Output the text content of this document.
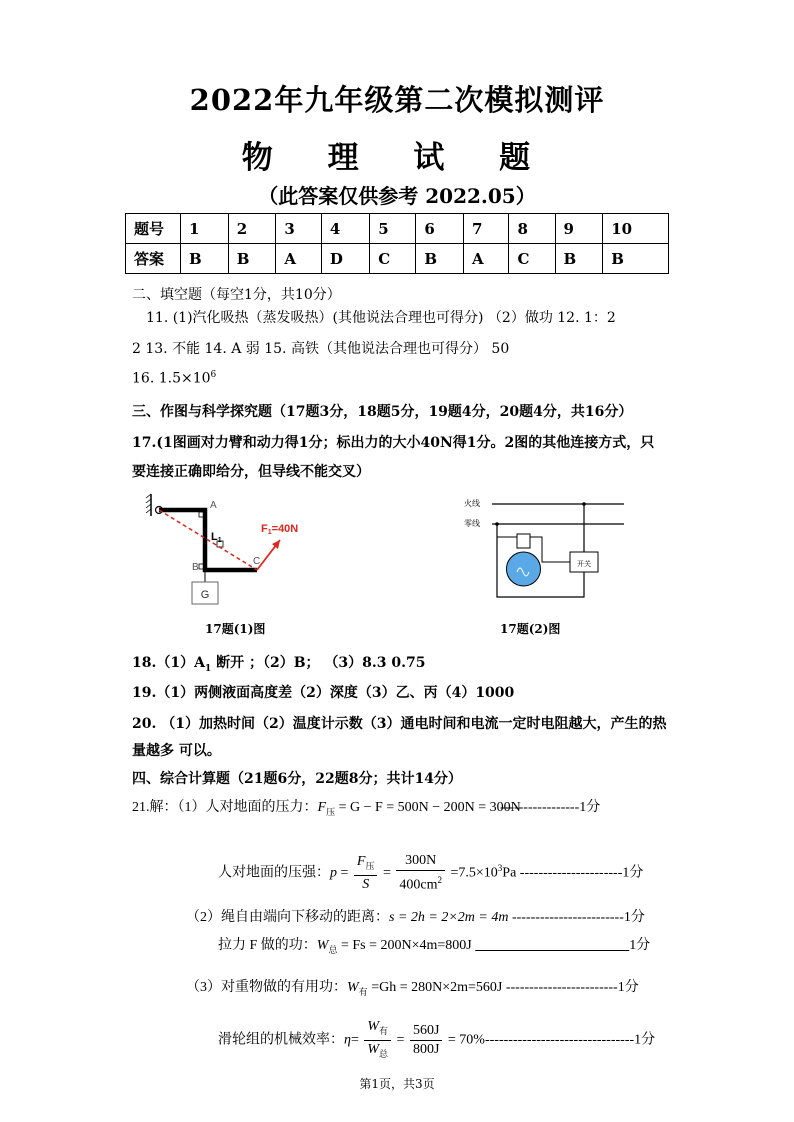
2022年九年级第二次模拟测评
物 理 试 题
（此答案仅供参考 2022.05）
题号	1	2	3	4	5	6	7	8	9	10
答案	B	B	A	D	C	B	A	C	B	B
二、填空题（每空1分，共10分）
11. (1)汽化吸热（蒸发吸热）(其他说法合理也可得分) （2）做功 12. 1：2
2 13. 不能 14. A 弱 15. 高铁（其他说法合理也可得分） 50
16. $1.5\times 10^6$
三、作图与科学探究题（17题3分，18题5分，19题4分，20题4分，共16分）
17.(1图画对力臂和动力得1分；标出力的大小40N得1分。2图的其他连接方式，只
要连接正确即给分，但导线不能交叉）
G
A
B
C
L1
F1=40N
17题(1)图
火线
零线
开关
17题(2)图
$18.(1)A_1$ 断开 ；（2）B； （3）8.3 0.75
19.（1）两侧液面高度差（2）深度（3）乙、丙（4）1000
20. （1）加热时间（2）温度计示数（3）通电时间和电流一定时电阻越大，产生的热
量越多 可以。
四、综合计算题（21题6分，22题8分；共计14分）
21.解：（1）人对地面的压力：$F_压 = G - F = 500N - 200N = 300N$
-----------------1分
人对地面的压强：$p = \frac{F_压}{S} = \frac{300N}{400cm^2} =7.5\times 10^3Pa$ ----------------------1分
（2）绳自由端向下移动的距离：s = 2h = 2×2m = 4m ------------------------1分
拉力 F 做的功：$W_总 = Fs = 200N\times 4m=800J$ 　　　　　　　　　　　	1分
（3）对重物做的有用功：$W_有 =Gh = 280N\times 2m=560J$ ------------------------1分
滑轮组的机械效率：$\eta= \frac{W_有}{W_总} = \frac{560J}{800J} = 70\%--------------------------------1$分
第1页，共3页
